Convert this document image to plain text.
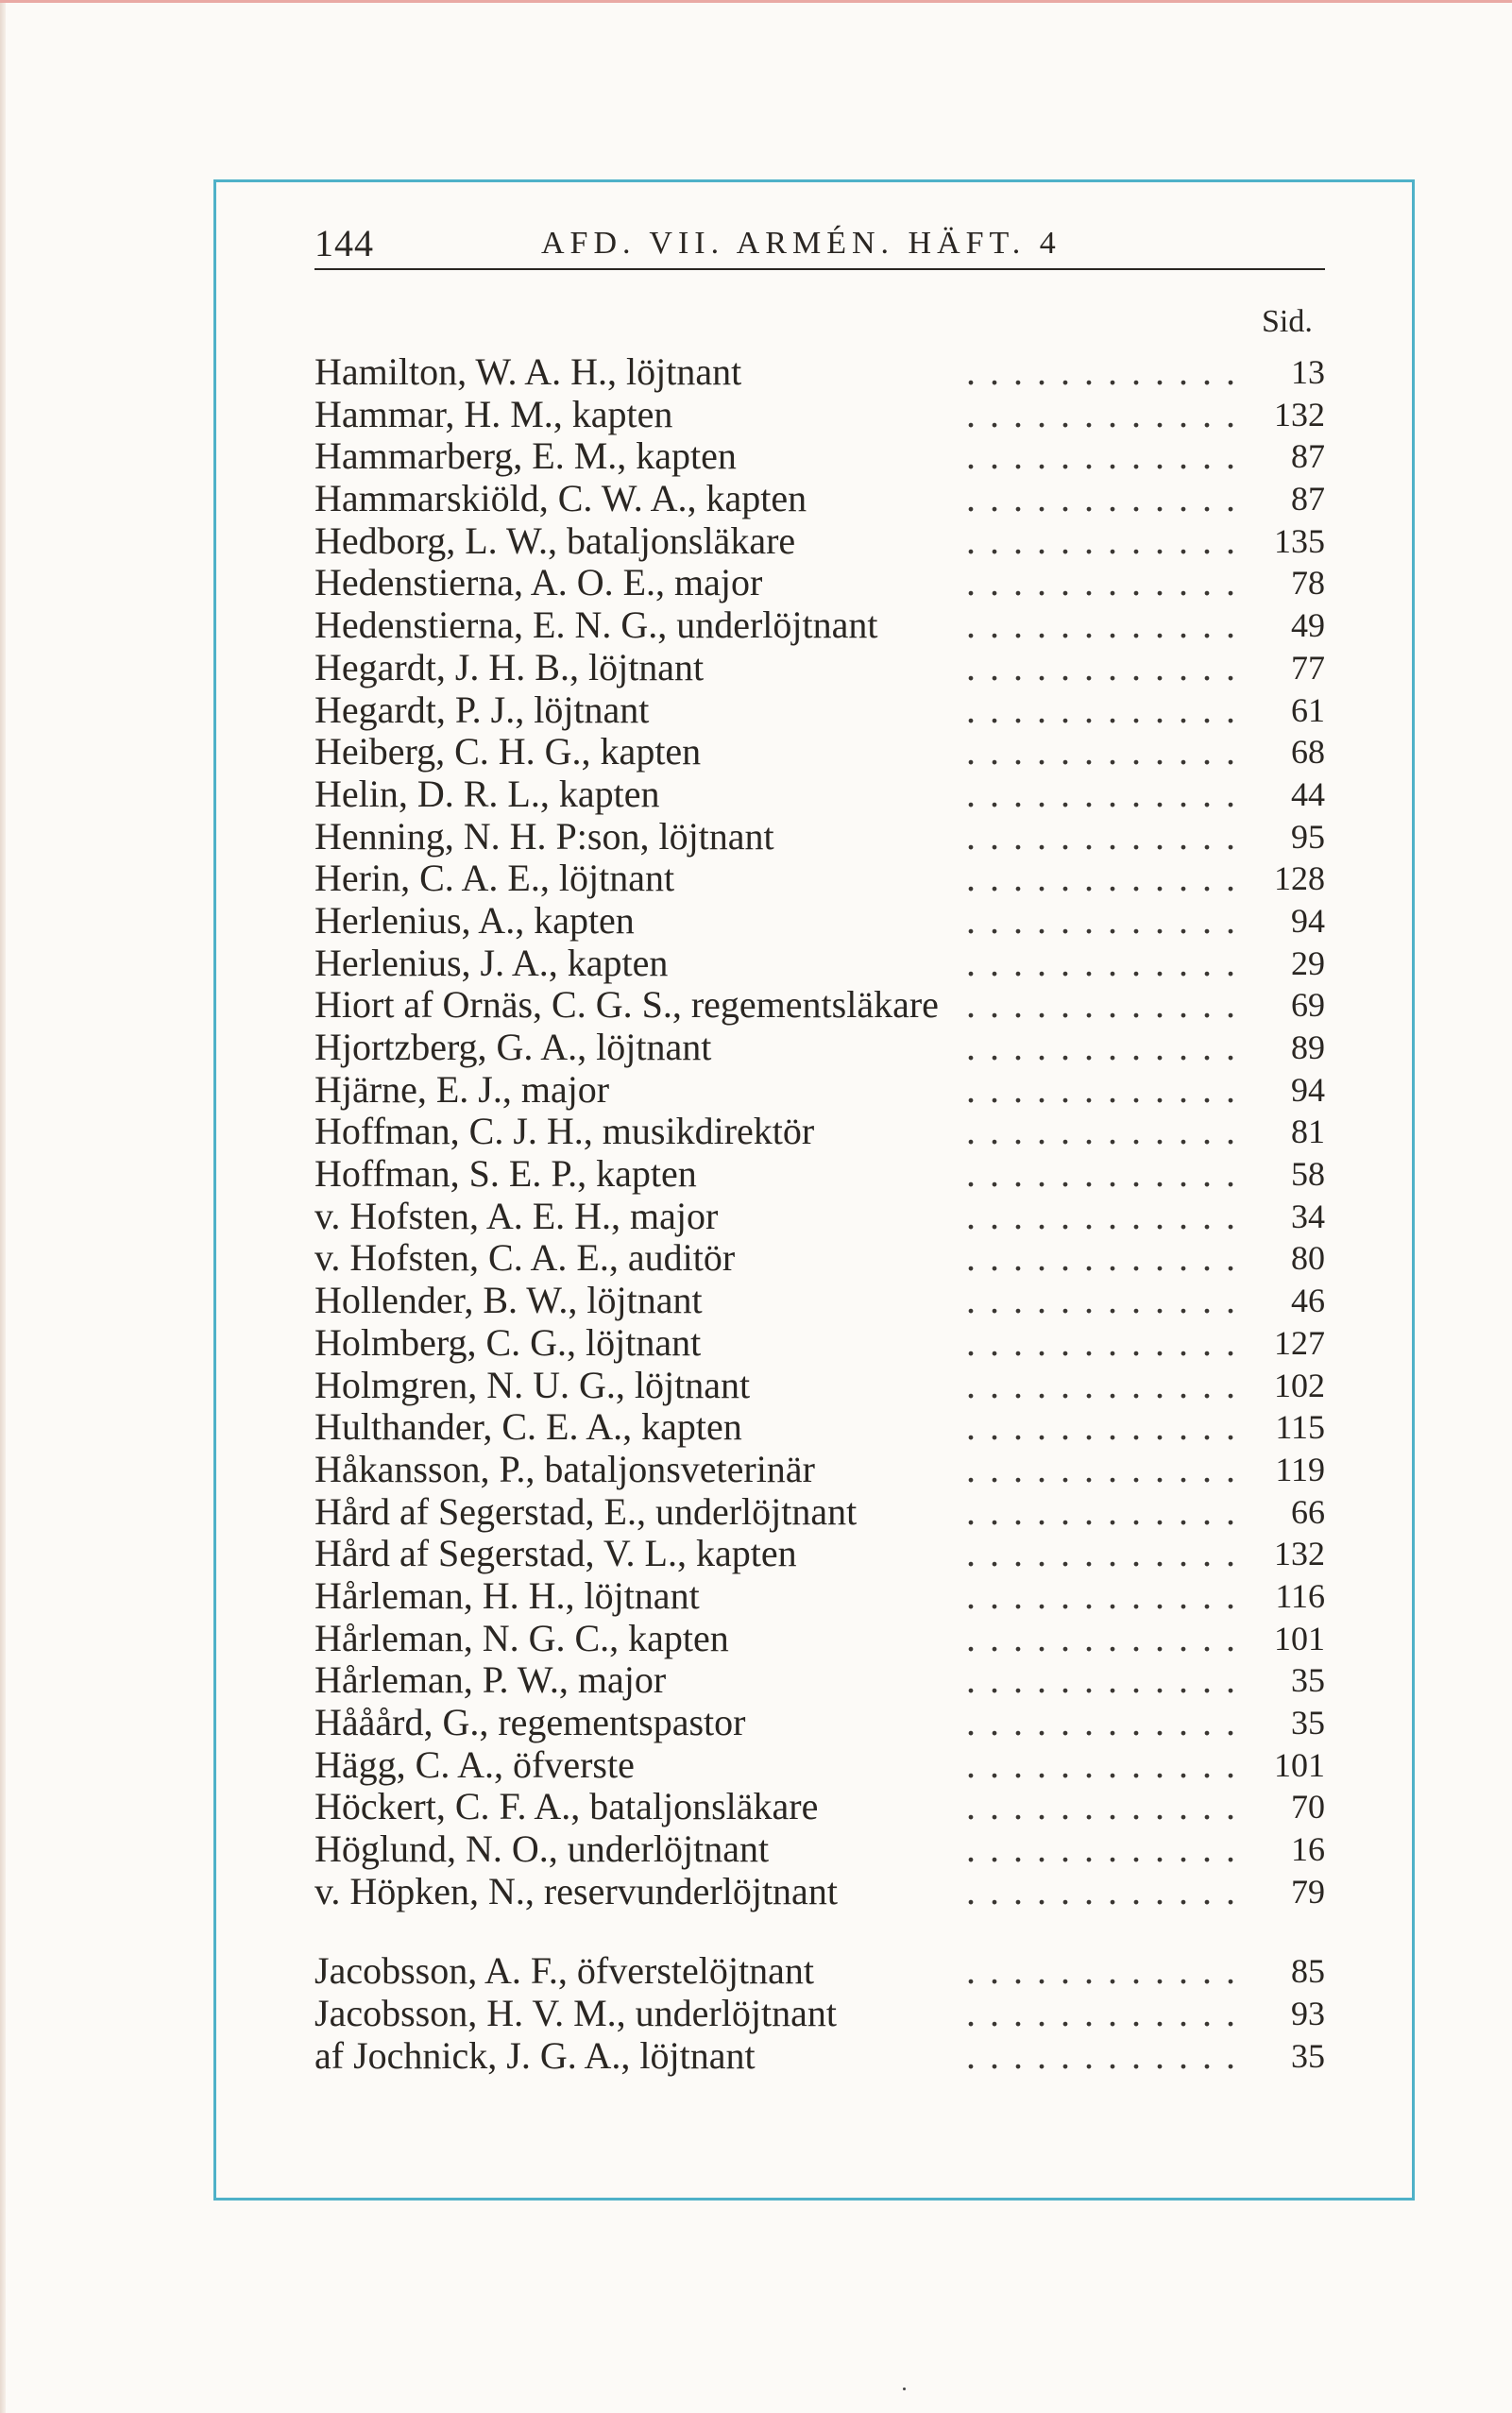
144	AFD. VII. ARMÉN. HÄFT. 4
Sid.
............
Hamilton, W. A. H., löjtnant	13
............
Hammar, H. M., kapten	132
............
Hammarberg, E. M., kapten	87
............
Hammarskiöld, C. W. A., kapten	87
............
Hedborg, L. W., bataljonsläkare	135
............
Hedenstierna, A. O. E., major	78
............
Hedenstierna, E. N. G., underlöjtnant	49
............
Hegardt, J. H. B., löjtnant	77
............
Hegardt, P. J., löjtnant	61
............
Heiberg, C. H. G., kapten	68
............
Helin, D. R. L., kapten	44
............
Henning, N. H. P:son, löjtnant	95
............
Herin, C. A. E., löjtnant	128
............
Herlenius, A., kapten	94
............
Herlenius, J. A., kapten	29
............
Hiort af Ornäs, C. G. S., regementsläkare	69
............
Hjortzberg, G. A., löjtnant	89
............
Hjärne, E. J., major	94
............
Hoffman, C. J. H., musikdirektör	81
............
Hoffman, S. E. P., kapten	58
............
v. Hofsten, A. E. H., major	34
............
v. Hofsten, C. A. E., auditör	80
............
Hollender, B. W., löjtnant	46
............
Holmberg, C. G., löjtnant	127
............
Holmgren, N. U. G., löjtnant	102
............
Hulthander, C. E. A., kapten	115
............
Håkansson, P., bataljonsveterinär	119
............
Hård af Segerstad, E., underlöjtnant	66
............
Hård af Segerstad, V. L., kapten	132
............
Hårleman, H. H., löjtnant	116
............
Hårleman, N. G. C., kapten	101
............
Hårleman, P. W., major	35
............
Hååård, G., regementspastor	35
............
Hägg, C. A., öfverste	101
............
Höckert, C. F. A., bataljonsläkare	70
............
Höglund, N. O., underlöjtnant	16
............
v. Höpken, N., reservunderlöjtnant	79
............
Jacobsson, A. F., öfverstelöjtnant	85
............
Jacobsson, H. V. M., underlöjtnant	93
............
af Jochnick, J. G. A., löjtnant	35
